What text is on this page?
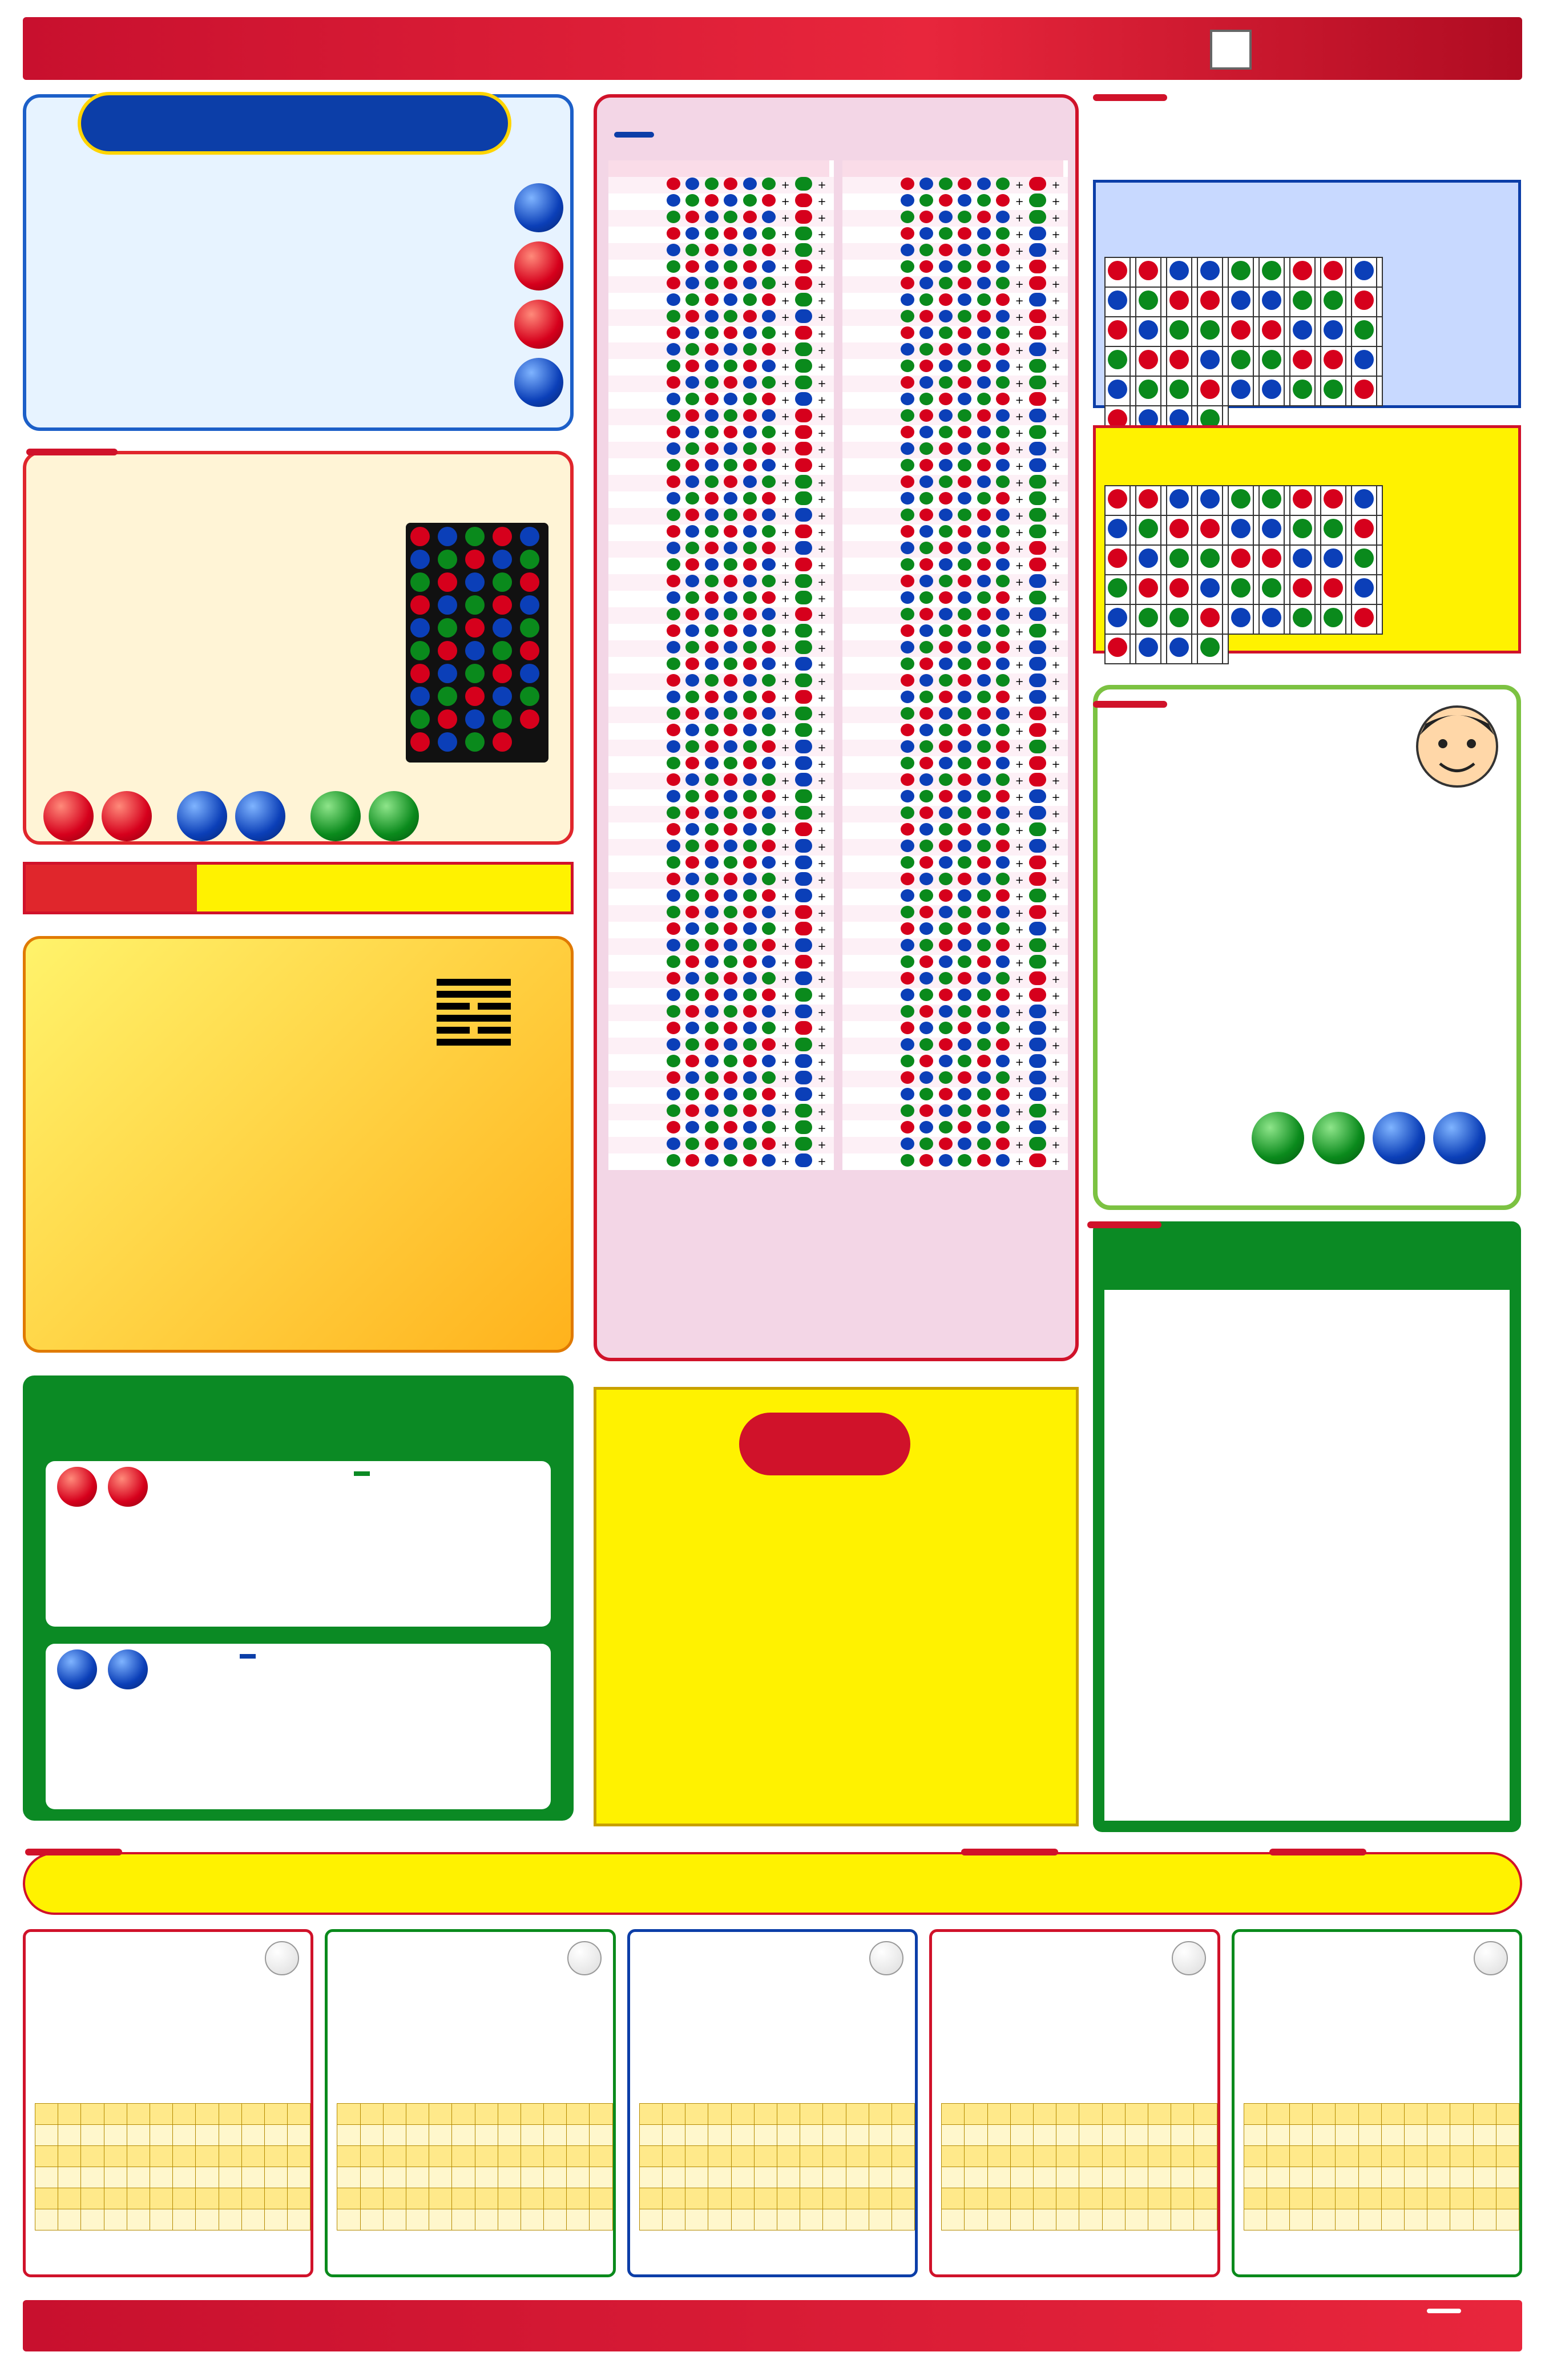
							+		+	
							+		+	
							+		+	
							+		+	
							+		+	
							+		+	
							+		+	
							+		+	
							+		+	
							+		+	
							+		+	
							+		+	
							+		+	
							+		+	
							+		+	
							+		+	
							+		+	
							+		+	
							+		+	
							+		+	
							+		+	
							+		+	
							+		+	
							+		+	
							+		+	
							+		+	
							+		+	
							+		+	
							+		+	
							+		+	
							+		+	
							+		+	
							+		+	
							+		+	
							+		+	
							+		+	
							+		+	
							+		+	
							+		+	
							+		+	
							+		+	
							+		+	
							+		+	
							+		+	
							+		+	
							+		+	
							+		+	
							+		+	
							+		+	
							+		+	
							+		+	
							+		+	
							+		+	
							+		+	
							+		+	
							+		+	
							+		+	
							+		+	
							+		+	
							+		+	

							+		+	
							+		+	
							+		+	
							+		+	
							+		+	
							+		+	
							+		+	
							+		+	
							+		+	
							+		+	
							+		+	
							+		+	
							+		+	
							+		+	
							+		+	
							+		+	
							+		+	
							+		+	
							+		+	
							+		+	
							+		+	
							+		+	
							+		+	
							+		+	
							+		+	
							+		+	
							+		+	
							+		+	
							+		+	
							+		+	
							+		+	
							+		+	
							+		+	
							+		+	
							+		+	
							+		+	
							+		+	
							+		+	
							+		+	
							+		+	
							+		+	
							+		+	
							+		+	
							+		+	
							+		+	
							+		+	
							+		+	
							+		+	
							+		+	
							+		+	
							+		+	
							+		+	
							+		+	
							+		+	
							+		+	
							+		+	
							+		+	
							+		+	
							+		+	
							+		+	
